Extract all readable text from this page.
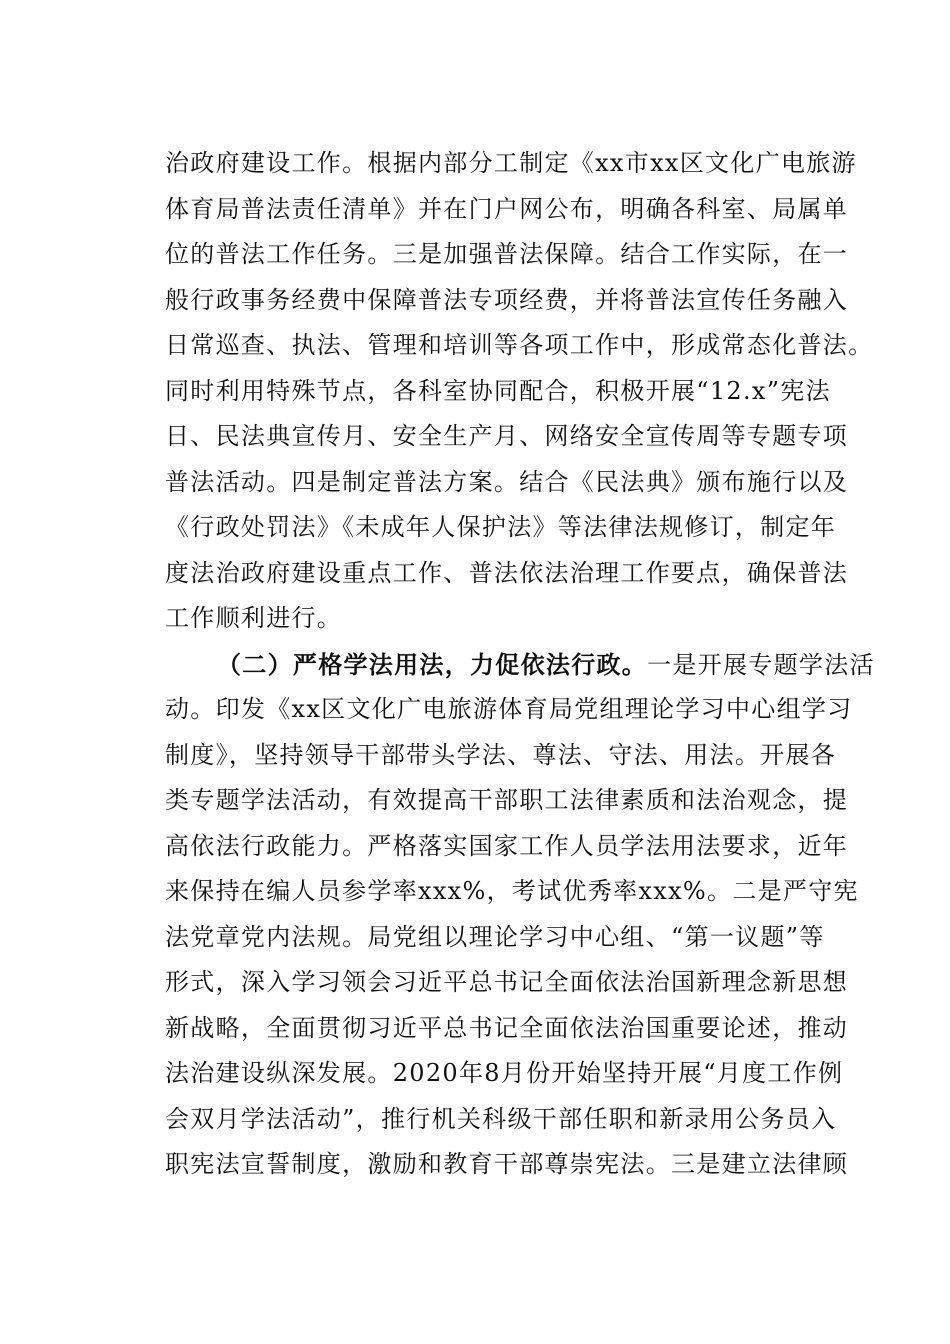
治政府建设工作。根据内部分工制定《xx市xx区文化广电旅游
体育局普法责任清单》并在门户网公布，明确各科室、局属单
位的普法工作任务。三是加强普法保障。结合工作实际，在一
般行政事务经费中保障普法专项经费，并将普法宣传任务融入
日常巡查、执法、管理和培训等各项工作中，形成常态化普法。
同时利用特殊节点，各科室协同配合，积极开展“12.x”宪法
日、民法典宣传月、安全生产月、网络安全宣传周等专题专项
普法活动。四是制定普法方案。结合《民法典》颁布施行以及
《行政处罚法》《未成年人保护法》等法律法规修订，制定年
度法治政府建设重点工作、普法依法治理工作要点，确保普法
工作顺利进行。
（二）严格学法用法，力促依法行政。一是开展专题学法活
动。印发《xx区文化广电旅游体育局党组理论学习中心组学习
制度》，坚持领导干部带头学法、尊法、守法、用法。开展各
类专题学法活动，有效提高干部职工法律素质和法治观念，提
高依法行政能力。严格落实国家工作人员学法用法要求，近年
来保持在编人员参学率xxx%，考试优秀率xxx%。二是严守宪
法党章党内法规。局党组以理论学习中心组、“第一议题”等
形式，深入学习领会习近平总书记全面依法治国新理念新思想
新战略，全面贯彻习近平总书记全面依法治国重要论述，推动
法治建设纵深发展。2020年8月份开始坚持开展“月度工作例
会双月学法活动”，推行机关科级干部任职和新录用公务员入
职宪法宣誓制度，激励和教育干部尊崇宪法。三是建立法律顾
